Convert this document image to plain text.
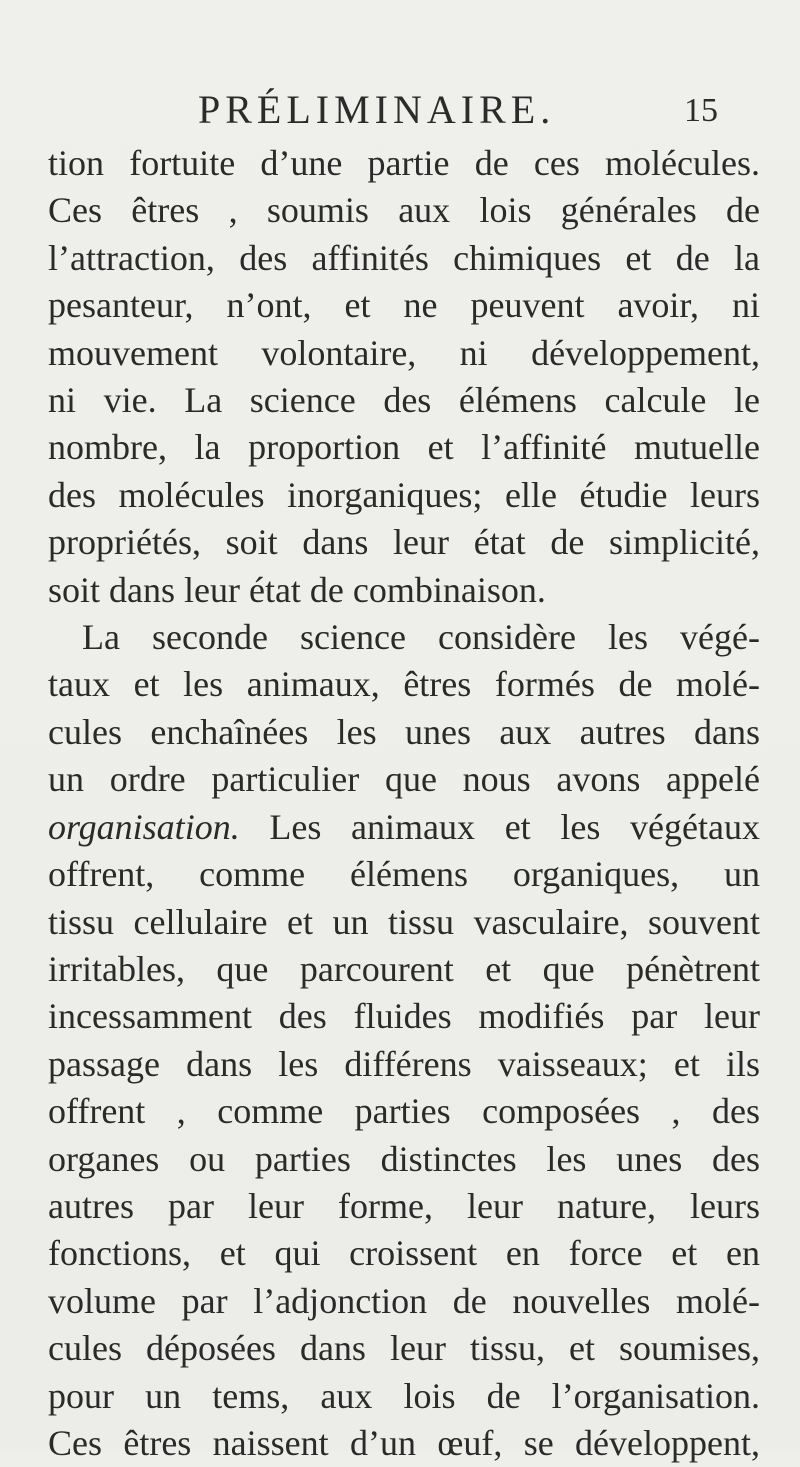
PRÉLIMINAIRE.	15
tion fortuite d’une partie de ces molécules.
Ces êtres , soumis aux lois générales de
l’attraction, des affinités chimiques et de la
pesanteur, n’ont, et ne peuvent avoir, ni
mouvement volontaire, ni développement,
ni vie. La science des élémens calcule le
nombre, la proportion et l’affinité mutuelle
des molécules inorganiques; elle étudie leurs
propriétés, soit dans leur état de simplicité,
soit dans leur état de combinaison.
La seconde science considère les végé-
taux et les animaux, êtres formés de molé-
cules enchaînées les unes aux autres dans
un ordre particulier que nous avons appelé
organisation. Les animaux et les végétaux
offrent, comme élémens organiques, un
tissu cellulaire et un tissu vasculaire, souvent
irritables, que parcourent et que pénètrent
incessamment des fluides modifiés par leur
passage dans les différens vaisseaux; et ils
offrent , comme parties composées , des
organes ou parties distinctes les unes des
autres par leur forme, leur nature, leurs
fonctions, et qui croissent en force et en
volume par l’adjonction de nouvelles molé-
cules déposées dans leur tissu, et soumises,
pour un tems, aux lois de l’organisation.
Ces êtres naissent d’un œuf, se développent,
